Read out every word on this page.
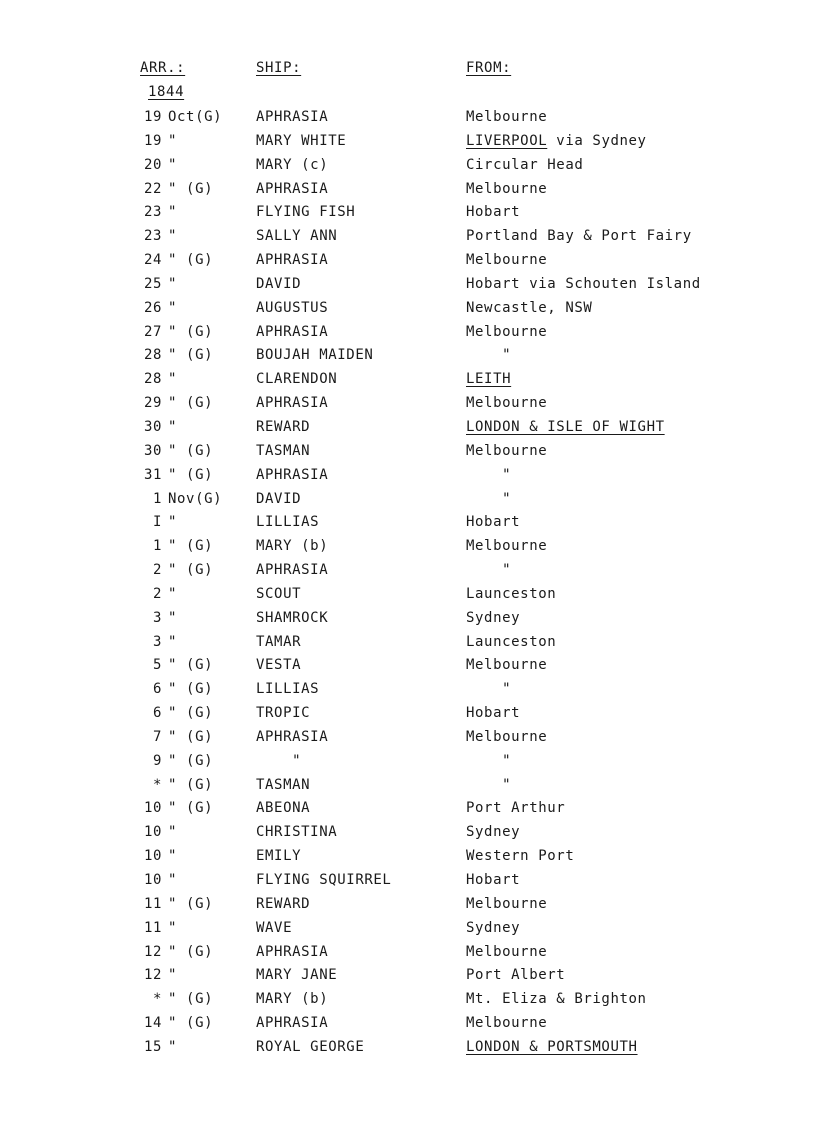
ARR.:	SHIP:	FROM:
1844
19 Oct(G)	APHRASIA	Melbourne
19 "	MARY WHITE	LIVERPOOL via Sydney
20 "	MARY (c)	Circular Head
22 " (G)	APHRASIA	Melbourne
23 "	FLYING FISH	Hobart
23 "	SALLY ANN	Portland Bay & Port Fairy
24 " (G)	APHRASIA	Melbourne
25 "	DAVID	Hobart via Schouten Island
26 "	AUGUSTUS	Newcastle, NSW
27 " (G)	APHRASIA	Melbourne
28 " (G)	BOUJAH MAIDEN	"
28 "	CLARENDON	LEITH
29 " (G)	APHRASIA	Melbourne
30 "	REWARD	LONDON & ISLE OF WIGHT
30 " (G)	TASMAN	Melbourne
31 " (G)	APHRASIA	"
1 Nov(G)	DAVID	"
I "	LILLIAS	Hobart
1 " (G)	MARY (b)	Melbourne
2 " (G)	APHRASIA	"
2 "	SCOUT	Launceston
3 "	SHAMROCK	Sydney
3 "	TAMAR	Launceston
5 " (G)	VESTA	Melbourne
6 " (G)	LILLIAS	"
6 " (G)	TROPIC	Hobart
7 " (G)	APHRASIA	Melbourne
9 " (G)	"	"
* " (G)	TASMAN	"
10 " (G)	ABEONA	Port Arthur
10 "	CHRISTINA	Sydney
10 "	EMILY	Western Port
10 "	FLYING SQUIRREL	Hobart
11 " (G)	REWARD	Melbourne
11 "	WAVE	Sydney
12 " (G)	APHRASIA	Melbourne
12 "	MARY JANE	Port Albert
* " (G)	MARY (b)	Mt. Eliza & Brighton
14 " (G)	APHRASIA	Melbourne
15 "	ROYAL GEORGE	LONDON & PORTSMOUTH
